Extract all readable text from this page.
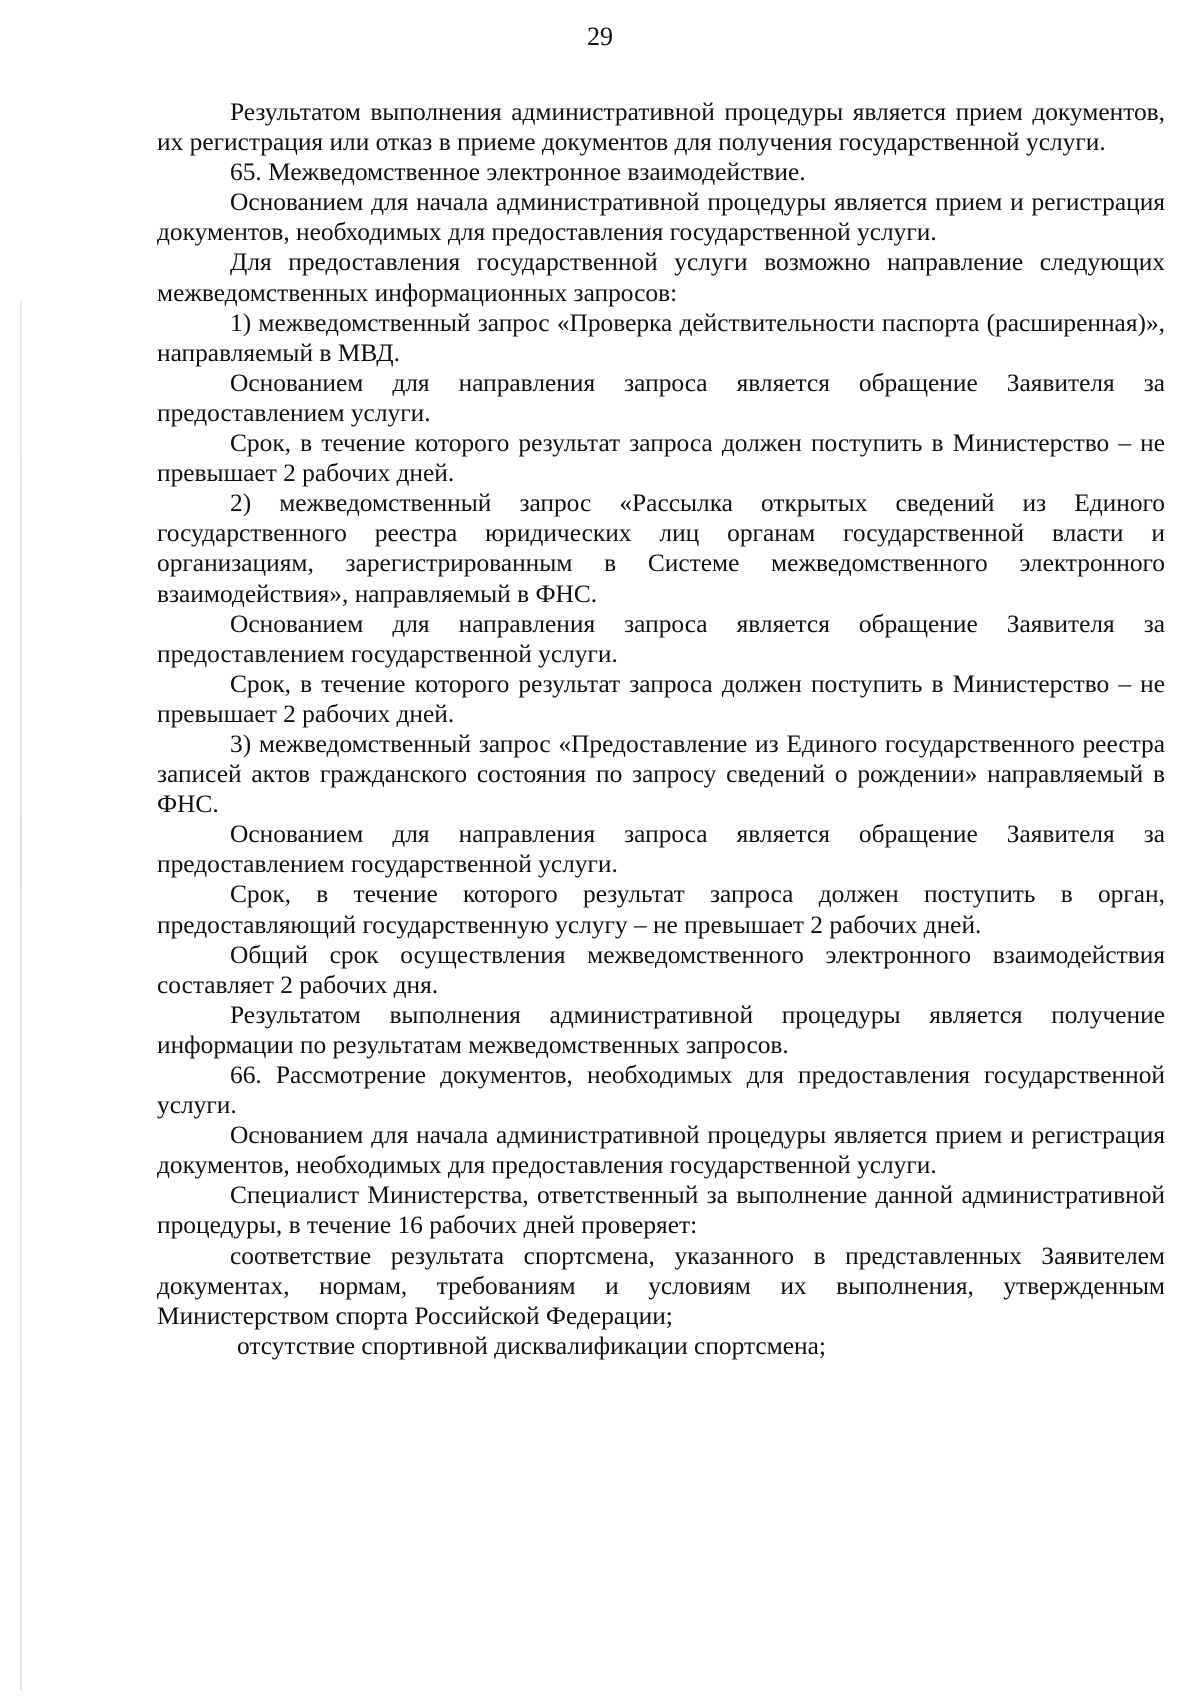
29

Результатом выполнения административной процедуры является прием документов, их регистрация или отказ в приеме документов для получения государственной услуги.

65. Межведомственное электронное взаимодействие.

Основанием для начала административной процедуры является прием и регистрация документов, необходимых для предоставления государственной услуги.

Для предоставления государственной услуги возможно направление следующих межведомственных информационных запросов:

1) межведомственный запрос «Проверка действительности паспорта (расширенная)», направляемый в МВД.

Основанием для направления запроса является обращение Заявителя за предоставлением услуги.

Срок, в течение которого результат запроса должен поступить в Министерство – не превышает 2 рабочих дней.

2) межведомственный запрос «Рассылка открытых сведений из Единого государственного реестра юридических лиц органам государственной власти и организациям, зарегистрированным в Системе межведомственного электронного взаимодействия», направляемый в ФНС.

Основанием для направления запроса является обращение Заявителя за предоставлением государственной услуги.

Срок, в течение которого результат запроса должен поступить в Министерство – не превышает 2 рабочих дней.

3) межведомственный запрос «Предоставление из Единого государственного реестра записей актов гражданского состояния по запросу сведений о рождении» направляемый в ФНС.

Основанием для направления запроса является обращение Заявителя за предоставлением государственной услуги.

Срок, в течение которого результат запроса должен поступить в орган, предоставляющий государственную услугу – не превышает 2 рабочих дней.

Общий срок осуществления межведомственного электронного взаимодействия составляет 2 рабочих дня.

Результатом выполнения административной процедуры является получение информации по результатам межведомственных запросов.

66. Рассмотрение документов, необходимых для предоставления государственной услуги.

Основанием для начала административной процедуры является прием и регистрация документов, необходимых для предоставления государственной услуги.

Специалист Министерства, ответственный за выполнение данной административной процедуры, в течение 16 рабочих дней проверяет:

соответствие результата спортсмена, указанного в представленных Заявителем документах, нормам, требованиям и условиям их выполнения, утвержденным Министерством спорта Российской Федерации;

отсутствие спортивной дисквалификации спортсмена;
